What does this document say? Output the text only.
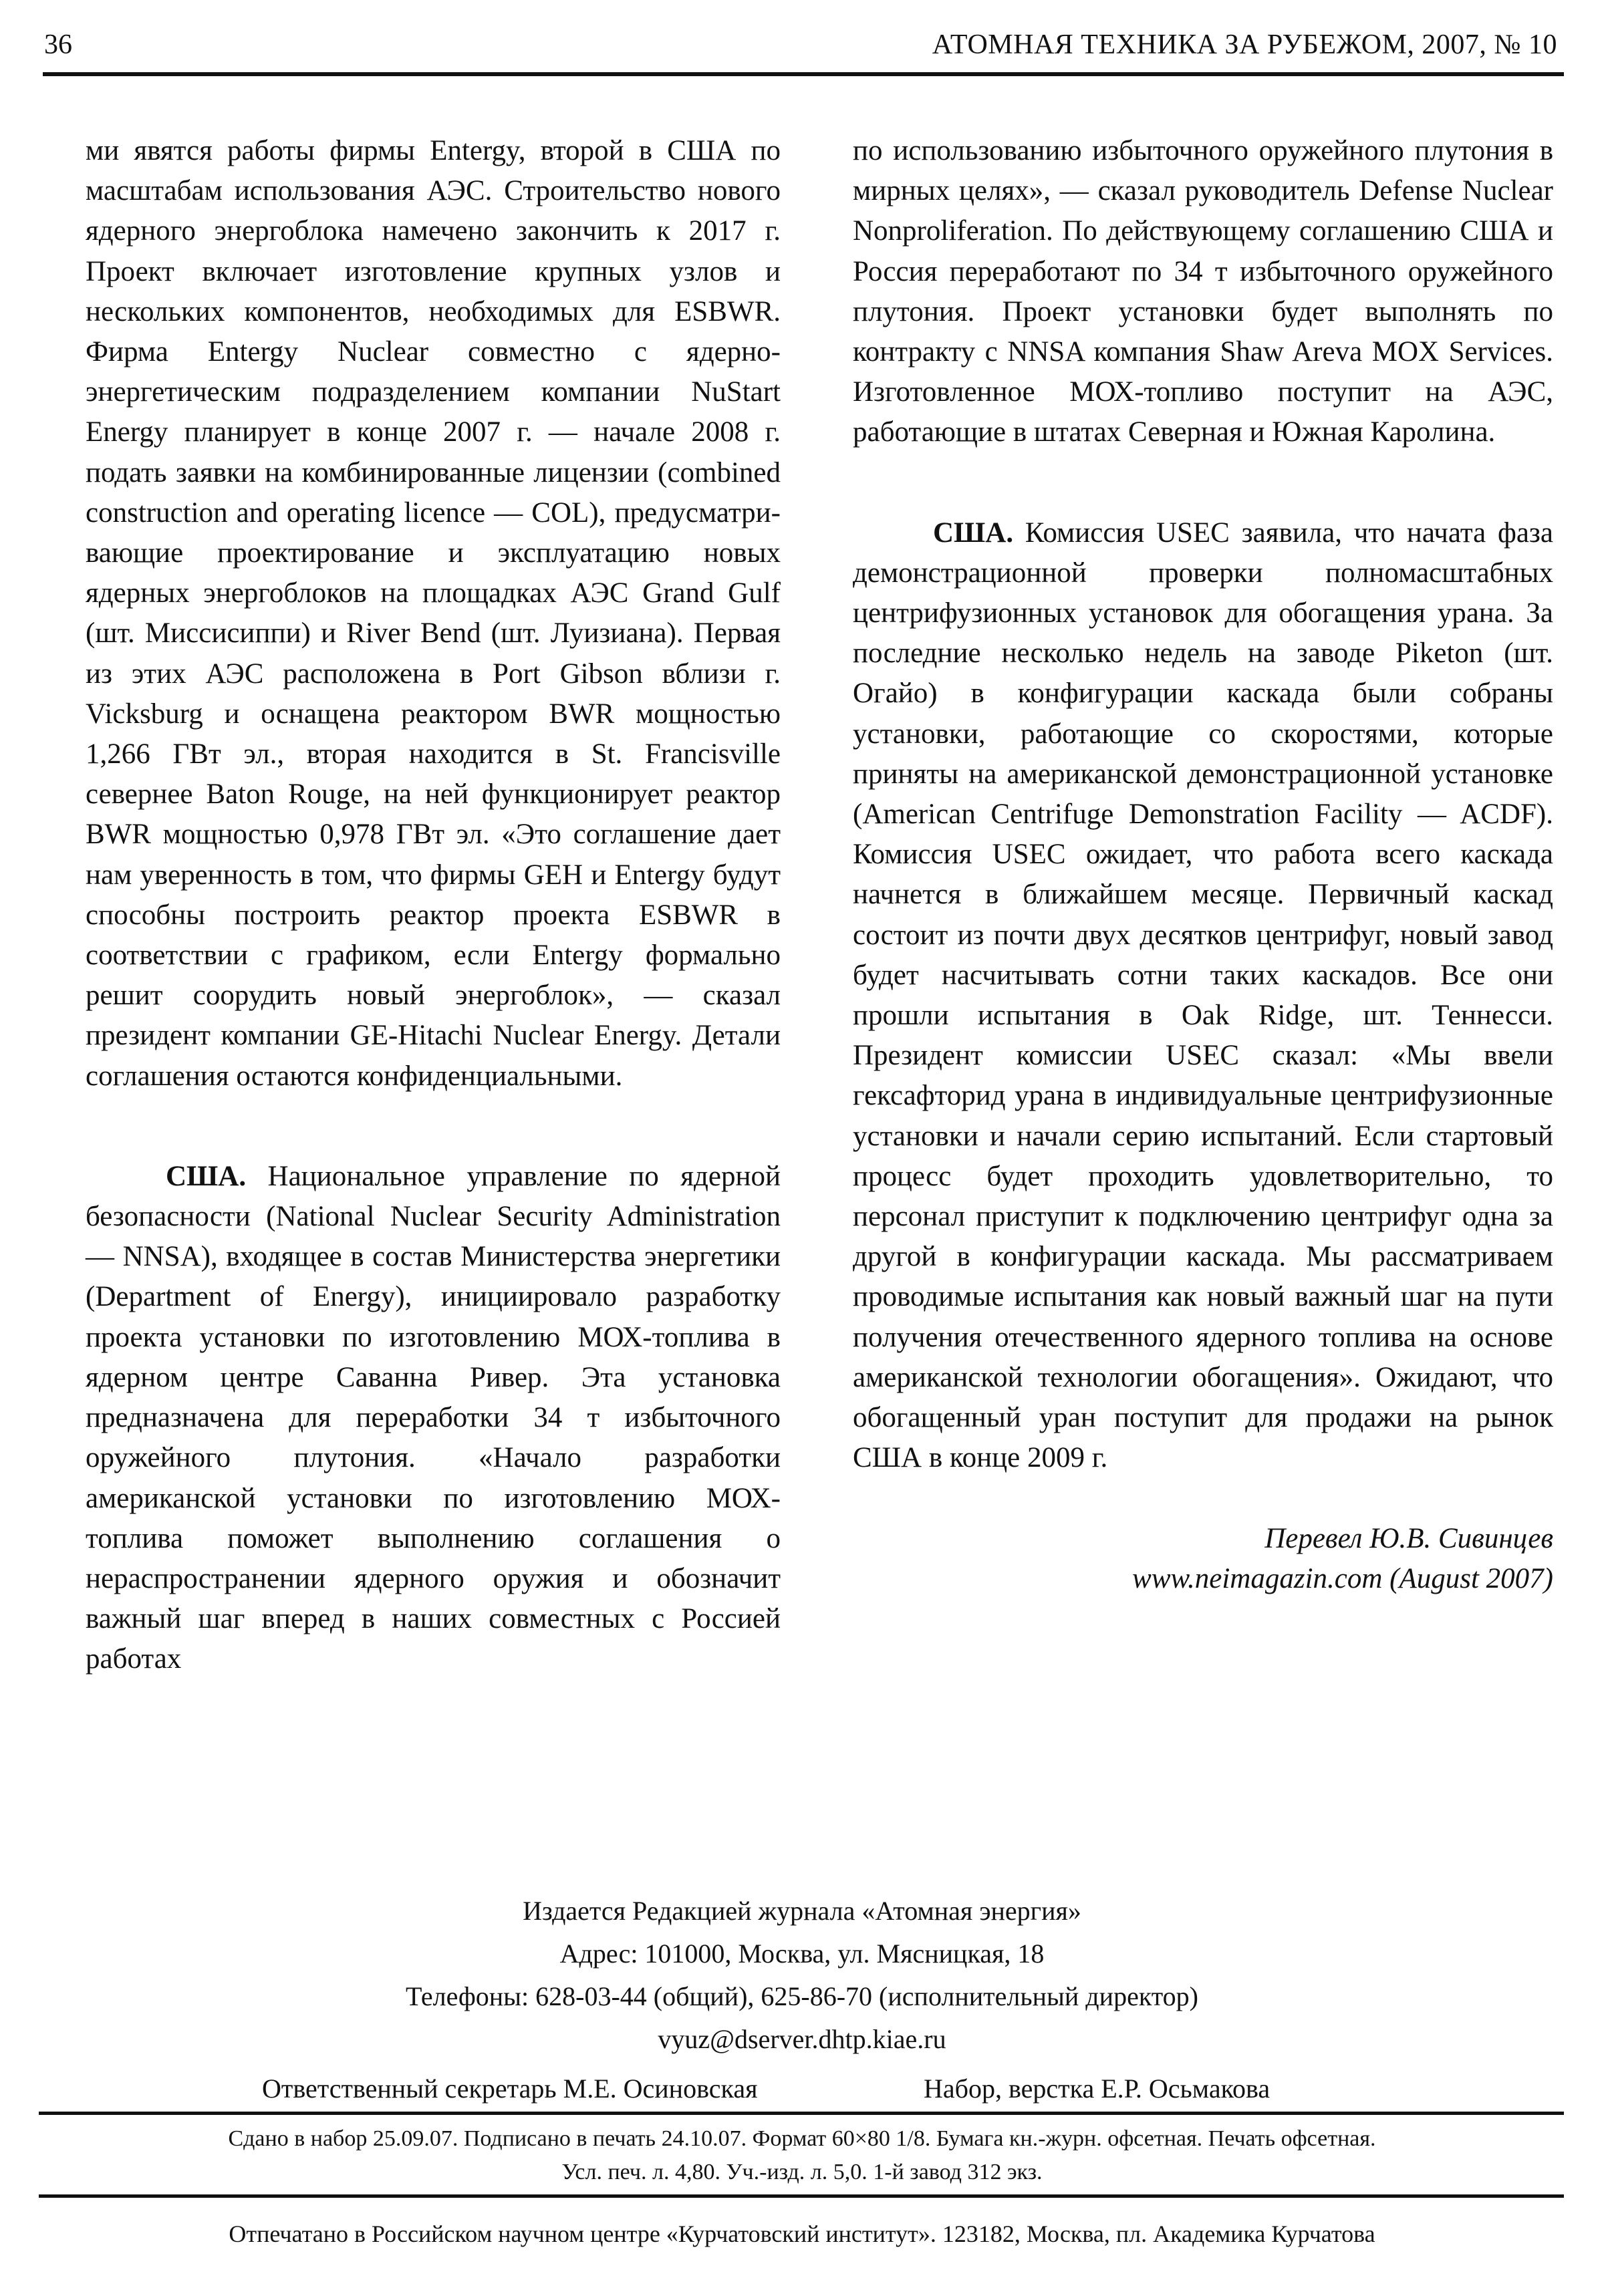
36	АТОМНАЯ ТЕХНИКА ЗА РУБЕЖОМ, 2007, № 10

ми явятся работы фирмы Entergy, второй в США по масштабам использования АЭС. Строительство нового ядерного энергоблока намечено закончить к 2017 г. Проект включает изготовление крупных узлов и нескольких компонентов, необходимых для ESBWR. Фирма Entergy Nuclear совместно с ядерно-энергетическим подразделением компании NuStart Energy планирует в конце 2007 г. — начале 2008 г. подать заявки на комбинированные лицензии (combined construction and operating licence — COL), предусматривающие проектирование и эксплуатацию новых ядерных энергоблоков на площадках АЭС Grand Gulf (шт. Миссисиппи) и River Bend (шт. Луизиана). Первая из этих АЭС расположена в Port Gibson вблизи г. Vicksburg и оснащена реактором BWR мощностью 1,266 ГВт эл., вторая находится в St. Francisville севернее Baton Rouge, на ней функционирует реактор BWR мощностью 0,978 ГВт эл. «Это соглашение дает нам уверенность в том, что фирмы GEH и Entergy будут способны построить реактор проекта ESBWR в соответствии с графиком, если Entergy формально решит соорудить новый энергоблок», — сказал президент компании GE-Hitachi Nuclear Energy. Детали соглашения остаются конфиденциальными.

США. Национальное управление по ядерной безопасности (National Nuclear Security Administration — NNSA), входящее в состав Министерства энергетики (Department of Energy), инициировало разработку проекта установки по изготовлению МОХ-топлива в ядерном центре Саванна Ривер. Эта установка предназначена для переработки 34 т избыточного оружейного плутония. «Начало разработки американской установки по изготовлению МОХ-топлива поможет выполнению соглашения о нераспространении ядерного оружия и обозначит важный шаг вперед в наших совместных с Россией работах

по использованию избыточного оружейного плутония в мирных целях», — сказал руководитель Defense Nuclear Nonproliferation. По действующему соглашению США и Россия переработают по 34 т избыточного оружейного плутония. Проект установки будет выполнять по контракту с NNSA компания Shaw Areva MOX Services. Изготовленное МОХ-топливо поступит на АЭС, работающие в штатах Северная и Южная Каролина.

США. Комиссия USEC заявила, что начата фаза демонстрационной проверки полномасштабных центрифузионных установок для обогащения урана. За последние несколько недель на заводе Piketon (шт. Огайо) в конфигурации каскада были собраны установки, работающие со скоростями, которые приняты на американской демонстрационной установке (American Centrifuge Demonstration Facility — ACDF). Комиссия USEC ожидает, что работа всего каскада начнется в ближайшем месяце. Первичный каскад состоит из почти двух десятков центрифуг, новый завод будет насчитывать сотни таких каскадов. Все они прошли испытания в Oak Ridge, шт. Теннесси. Президент комиссии USEC сказал: «Мы ввели гексафторид урана в индивидуальные центрифузионные установки и начали серию испытаний. Если стартовый процесс будет проходить удовлетворительно, то персонал приступит к подключению центрифуг одна за другой в конфигурации каскада. Мы рассматриваем проводимые испытания как новый важный шаг на пути получения отечественного ядерного топлива на основе американской технологии обогащения». Ожидают, что обогащенный уран поступит для продажи на рынок США в конце 2009 г.

Перевел Ю.В. Сивинцев

www.neimagazin.com (August 2007)

Издается Редакцией журнала «Атомная энергия»
Адрес: 101000, Москва, ул. Мясницкая, 18
Телефоны: 628-03-44 (общий), 625-86-70 (исполнительный директор)
vyuz@dserver.dhtp.kiae.ru
Ответственный секретарь М.Е. Осиновская	Набор, верстка Е.Р. Осьмакова
Сдано в набор 25.09.07. Подписано в печать 24.10.07. Формат 60×80 1/8. Бумага кн.-журн. офсетная. Печать офсетная.
Усл. печ. л. 4,80. Уч.-изд. л. 5,0. 1-й завод 312 экз.
Отпечатано в Российском научном центре «Курчатовский институт». 123182, Москва, пл. Академика Курчатова
